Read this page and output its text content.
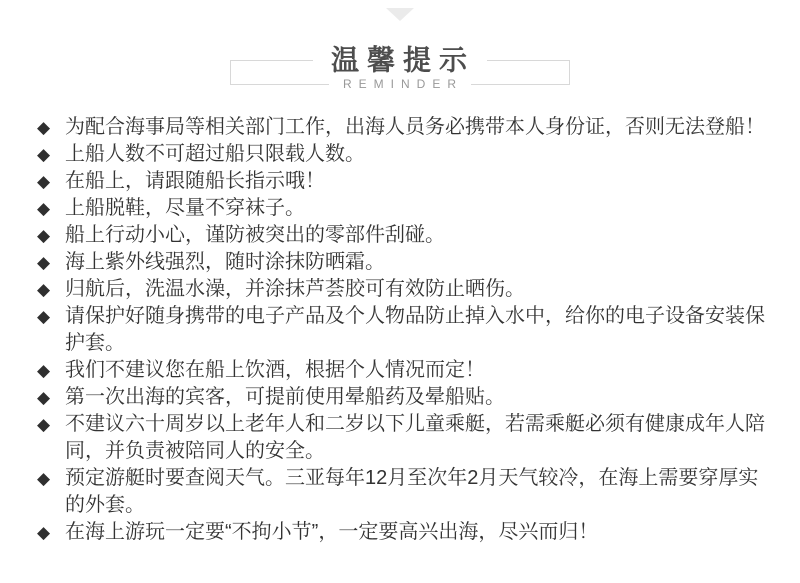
温馨提示
REMINDER
◆ 为配合海事局等相关部门工作，出海人员务必携带本人身份证，否则无法登船！
◆ 上船人数不可超过船只限载人数。
◆ 在船上，请跟随船长指示哦！
◆ 上船脱鞋，尽量不穿袜子。
◆ 船上行动小心，谨防被突出的零部件刮碰。
◆ 海上紫外线强烈，随时涂抹防晒霜。
◆ 归航后，洗温水澡，并涂抹芦荟胶可有效防止晒伤。
◆ 请保护好随身携带的电子产品及个人物品防止掉入水中，给你的电子设备安装保
护套。
◆ 我们不建议您在船上饮酒，根据个人情况而定！
◆ 第一次出海的宾客，可提前使用晕船药及晕船贴。
◆ 不建议六十周岁以上老年人和二岁以下儿童乘艇，若需乘艇必须有健康成年人陪
同，并负责被陪同人的安全。
◆ 预定游艇时要查阅天气。三亚每年12月至次年2月天气较冷，在海上需要穿厚实
的外套。
◆ 在海上游玩一定要“不拘小节”，一定要高兴出海，尽兴而归！
